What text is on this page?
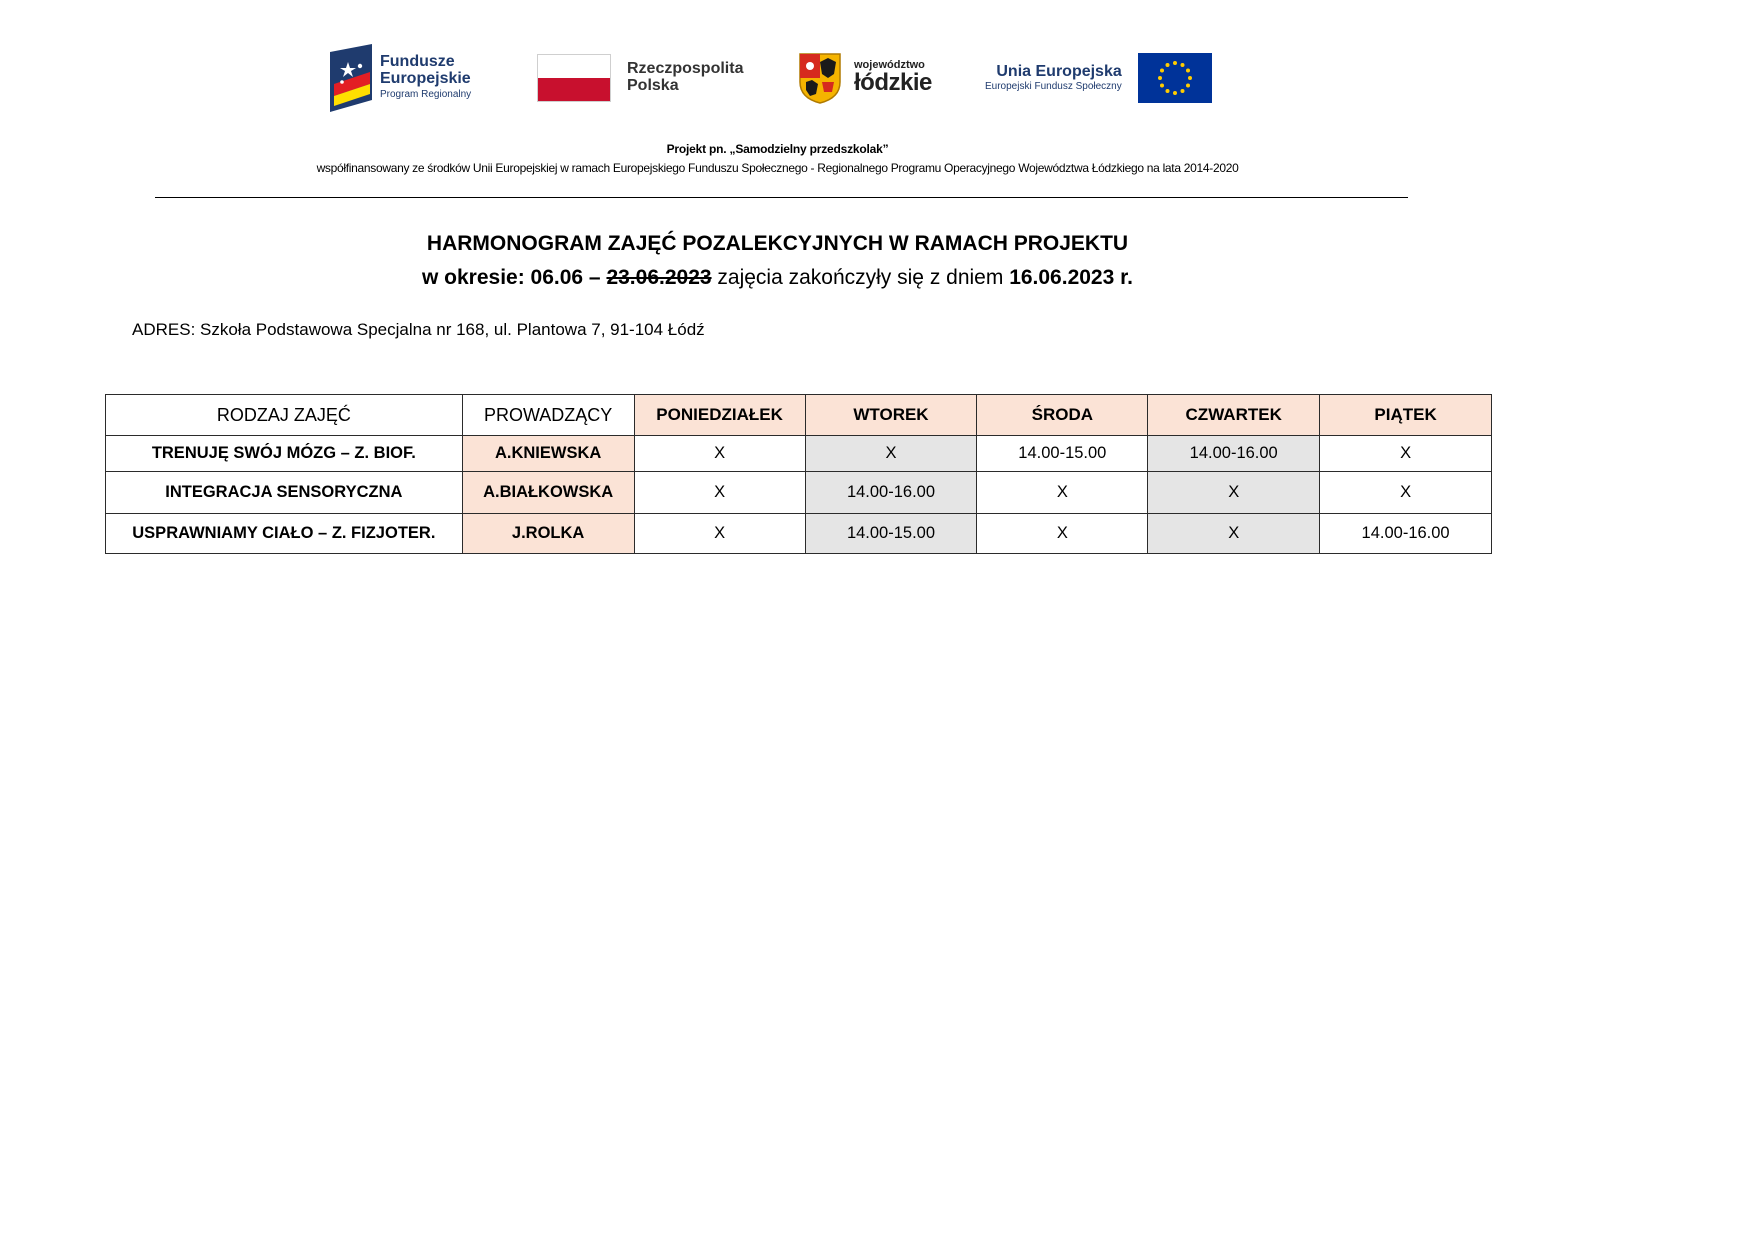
Fundusze
Europejskie
Program Regionalny
Rzeczpospolita
Polska
województwo
łódzkie	Unia Europejska
Europejski Fundusz Społeczny
Projekt pn. „Samodzielny przedszkolak”
współfinansowany ze środków Unii Europejskiej w ramach Europejskiego Funduszu Społecznego - Regionalnego Programu Operacyjnego Województwa Łódzkiego na lata 2014-2020
HARMONOGRAM ZAJĘĆ POZALEKCYJNYCH W RAMACH PROJEKTU
w okresie: 06.06 – 23.06.2023 zajęcia zakończyły się z dniem 16.06.2023 r.
ADRES: Szkoła Podstawowa Specjalna nr 168, ul. Plantowa 7, 91-104 Łódź
RODZAJ ZAJĘĆ	PROWADZĄCY	PONIEDZIAŁEK	WTOREK	ŚRODA	CZWARTEK	PIĄTEK
TRENUJĘ SWÓJ MÓZG – Z. BIOF.	A.KNIEWSKA	X	X	14.00-15.00	14.00-16.00	X
INTEGRACJA SENSORYCZNA	A.BIAŁKOWSKA	X	14.00-16.00	X	X	X
USPRAWNIAMY CIAŁO – Z. FIZJOTER.	J.ROLKA	X	14.00-15.00	X	X	14.00-16.00
